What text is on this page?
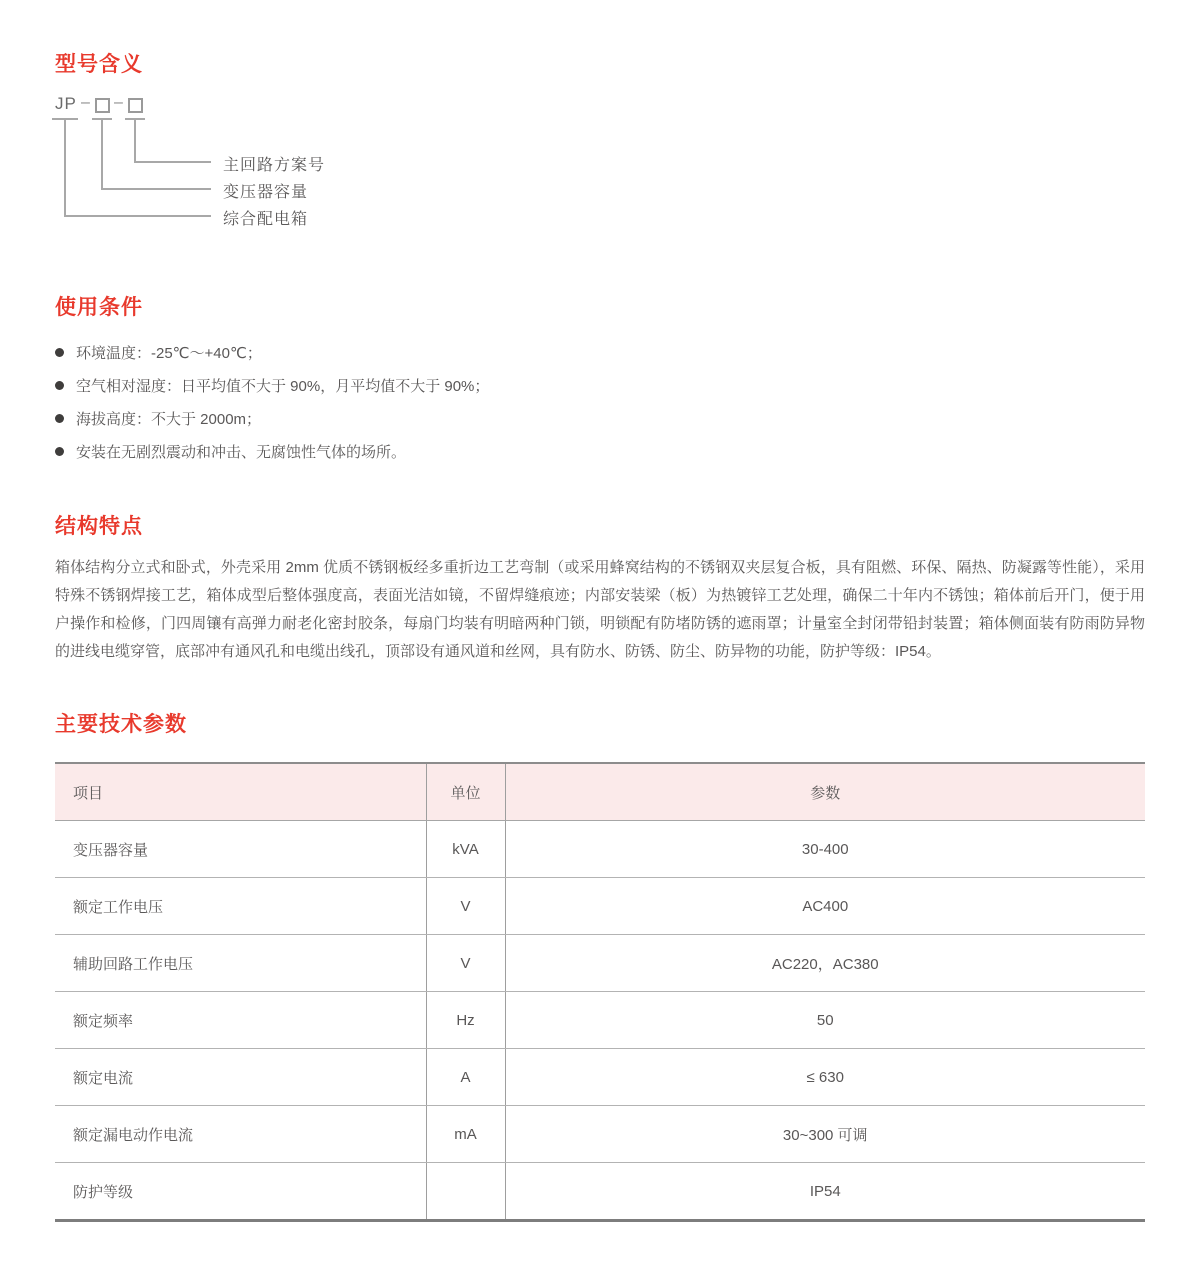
型号含义
JP – –
主回路方案号
变压器容量
综合配电箱
使用条件
环境温度：-25℃～+40℃；
空气相对湿度：日平均值不大于 90%，月平均值不大于 90%；
海拔高度：不大于 2000m；
安装在无剧烈震动和冲击、无腐蚀性气体的场所。
结构特点
箱体结构分立式和卧式，外壳采用 2mm 优质不锈钢板经多重折边工艺弯制（或采用蜂窝结构的不锈钢双夹层复合板，具有阻燃、环保、隔热、防凝露等性能），采用特殊不锈钢焊接工艺，箱体成型后整体强度高，表面光洁如镜，不留焊缝痕迹；内部安装梁（板）为热镀锌工艺处理，确保二十年内不锈蚀；箱体前后开门，便于用户操作和检修，门四周镶有高弹力耐老化密封胶条，每扇门均装有明暗两种门锁，明锁配有防堵防锈的遮雨罩；计量室全封闭带铅封装置；箱体侧面装有防雨防异物的进线电缆穿管，底部冲有通风孔和电缆出线孔，顶部设有通风道和丝网，具有防水、防锈、防尘、防异物的功能，防护等级：IP54。
主要技术参数
项目	单位	参数
变压器容量	kVA	30-400
额定工作电压	V	AC400
辅助回路工作电压	V	AC220，AC380
额定频率	Hz	50
额定电流	A	≤ 630
额定漏电动作电流	mA	30~300 可调
防护等级		IP54
